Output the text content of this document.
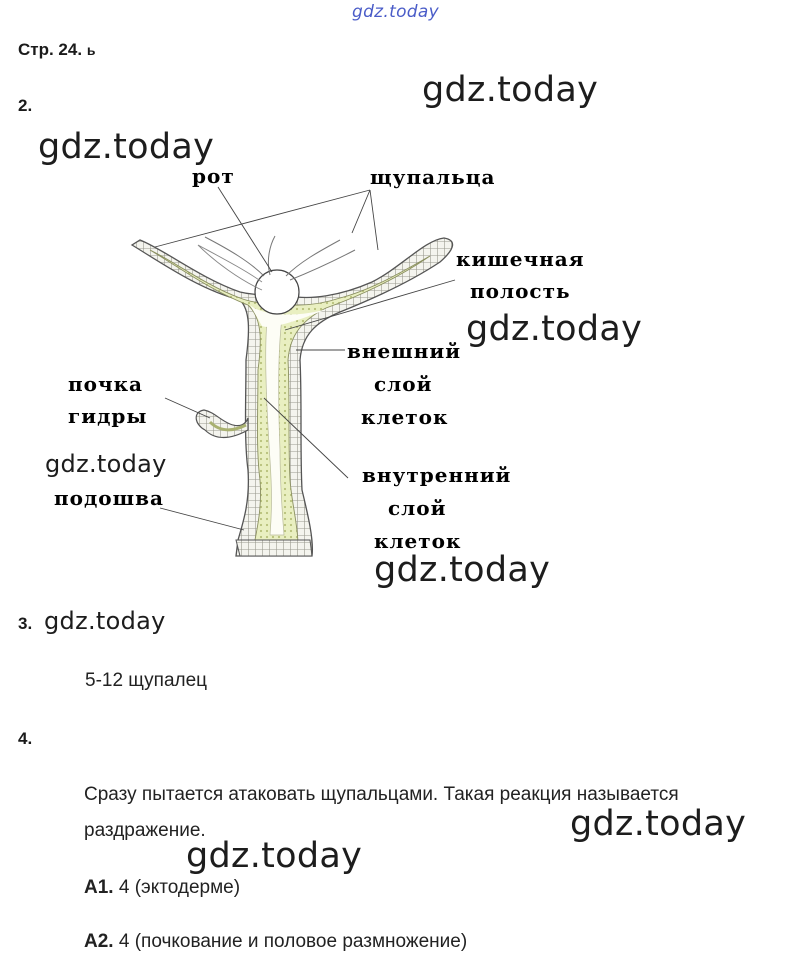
gdz.today
gdz.today
gdz.today
Стр. 24. ь
2.
рот	щупальца
кишечная
полость
внешний
слой
клеток
почка
гидры
внутренний
слой
клеток
подошва
gdz.today
gdz.today
gdz.today
3. gdz.today
5-12 щупалец
4.
Сразу пытается атаковать щупальцами. Такая реакция называется
раздражение.	gdz.today
gdz.today
А1. 4 (эктодерме)
А2. 4 (почкование и половое размножение)
